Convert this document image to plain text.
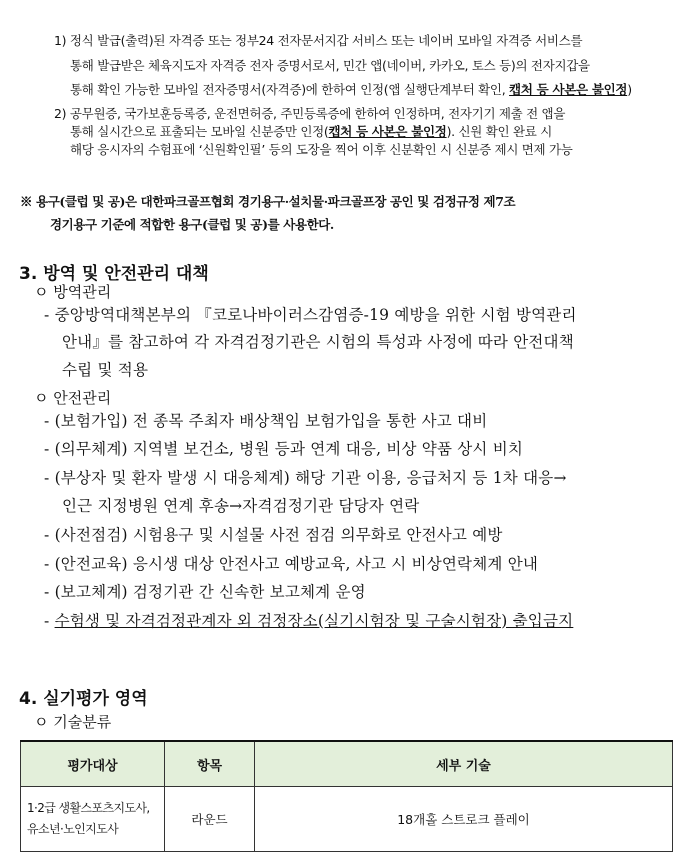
1) 정식 발급(출력)된 자격증 또는 정부24 전자문서지갑 서비스 또는 네이버 모바일 자격증 서비스를
통해 발급받은 체육지도자 자격증 전자 증명서로서, 민간 앱(네이버, 카카오, 토스 등)의 전자지갑을
통해 확인 가능한 모바일 전자증명서(자격증)에 한하여 인정(앱 실행단계부터 확인, 캡처 등 사본은 불인정)
2) 공무원증, 국가보훈등록증, 운전면허증, 주민등록증에 한하여 인정하며, 전자기기 제출 전 앱을
통해 실시간으로 표출되는 모바일 신분증만 인정(캡처 등 사본은 불인정). 신원 확인 완료 시
해당 응시자의 수험표에 ‘신원확인필’ 등의 도장을 찍어 이후 신분확인 시 신분증 제시 면제 가능
※ 용구(클럽 및 공)은 대한파크골프협회 경기용구·설치물·파크골프장 공인 및 검정규정 제7조
경기용구 기준에 적합한 용구(클럽 및 공)를 사용한다.
3. 방역 및 안전관리 대책
ㅇ 방역관리
- 중앙방역대책본부의 『코로나바이러스감염증-19 예방을 위한 시험 방역관리
안내』를 참고하여 각 자격검정기관은 시험의 특성과 사정에 따라 안전대책
수립 및 적용
ㅇ 안전관리
- (보험가입) 전 종목 주최자 배상책임 보험가입을 통한 사고 대비
- (의무체계) 지역별 보건소, 병원 등과 연계 대응, 비상 약품 상시 비치
- (부상자 및 환자 발생 시 대응체계) 해당 기관 이용, 응급처지 등 1차 대응→
인근 지정병원 연계 후송→자격검정기관 담당자 연락
- (사전점검) 시험용구 및 시설물 사전 점검 의무화로 안전사고 예방
- (안전교육) 응시생 대상 안전사고 예방교육, 사고 시 비상연락체계 안내
- (보고체계) 검정기관 간 신속한 보고체계 운영
- 수험생 및 자격검정관계자 외 검정장소(실기시험장 및 구술시험장) 출입금지
4. 실기평가 영역
ㅇ 기술분류
평가대상	항목	세부 기술

1·2급 생활스포츠지도사,
유소년·노인지도사	라운드	18개홀 스트로크 플레이
